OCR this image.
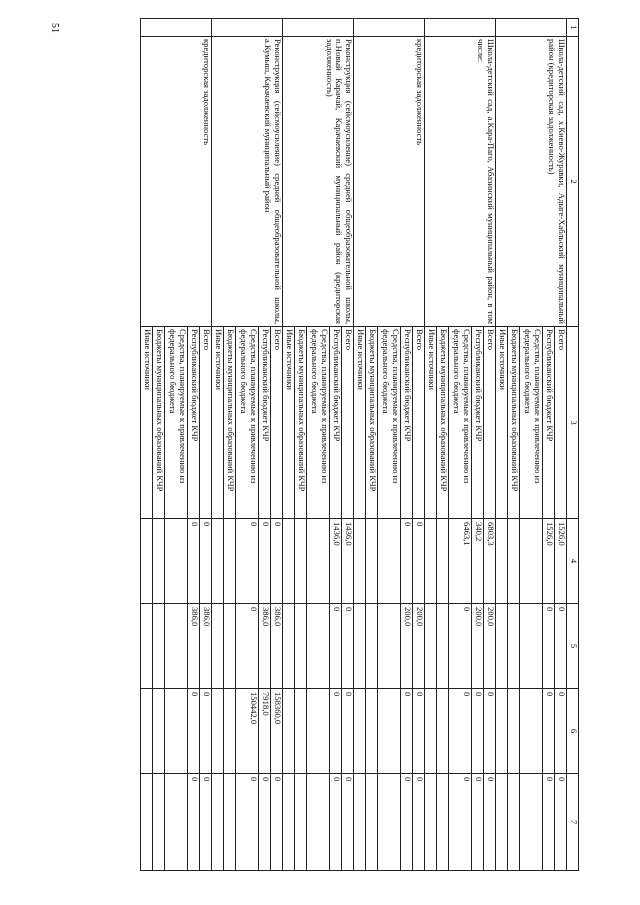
51	1	2	3	4	5	6	7
	Школа-детский сад, х.Киево-Журавки, Адыге-Хабльский муниципальный район (кредиторская задолженность)	Всего	1526,0	0	0	0
		Республиканский бюджет КЧР	1526,0	0	0	0
		Средства, планируемые к привлечению из федерального бюджета				
		Бюджеты муниципальных образований КЧР				
		Иные источники				
	Школа-детский сад, а.Кара-Паго, Абазинский муниципальный район, в том числе:	Всего	6803,3	200,0	0	0
		Республиканский бюджет КЧР	340,2	200,0	0	0
		Средства, планируемые к привлечению из федерального бюджета	6463,1	0	0	0
		Бюджеты муниципальных образований КЧР				
		Иные источники				
	кредиторская задолженность	Всего	0	200,0	0	0
		Республиканский бюджет КЧР	0	200,0	0	0
		Средства, планируемые к привлечению из федерального бюджета				
		Бюджеты муниципальных образований КЧР				
		Иные источники				
	Реконструкция (сейсмоусиление) средней общеобразовательной школы, п.Новый Карачай, Карачаевский муниципальный район (кредиторская задолженность)	Всего	1436,0	0	0	0
		Республиканский бюджет КЧР	1436,0	0	0	0
		Средства, планируемые к привлечению из федерального бюджета				
		Бюджеты муниципальных образований КЧР				
		Иные источники				
	Реконструкция (сейсмоусиление) средней общеобразовательной школы, а.Кумыш, Карачаевский муниципальный район	Всего	0	386,0	158360,0	0
		Республиканский бюджет КЧР	0	386,0	7918,0	0
		Средства, планируемые к привлечению из федерального бюджета	0	0	150442,0	0
		Бюджеты муниципальных образований КЧР				
		Иные источники				
	кредиторская задолженность	Всего	0	386,0	0	0
		Республиканский бюджет КЧР	0	386,0	0	0
		Средства, планируемые к привлечению из федерального бюджета				
		Бюджеты муниципальных образований КЧР				
		Иные источники				
